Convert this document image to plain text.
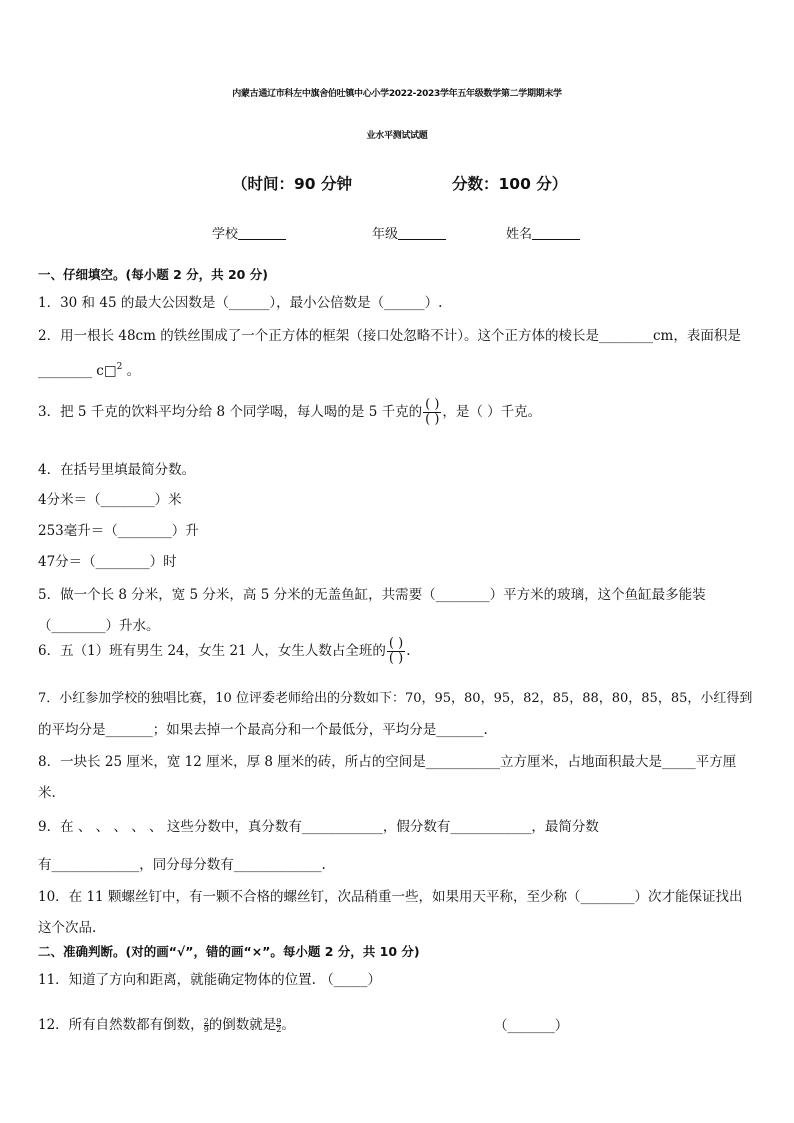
内蒙古通辽市科左中旗舍伯吐镇中心小学2022-2023学年五年级数学第二学期期末学
业水平测试试题
（时间：90 分钟	分数：100 分）
学校	年级	姓名
一、仔细填空。(每小题 2 分，共 20 分)
1．30 和 45 的最大公因数是（______），最小公倍数是（______）.
2．用一根长 48cm 的铁丝围成了一个正方体的框架（接口处忽略不计）。这个正方体的棱长是________cm，表面积是
________ c□$^2$ 。
3．把 5 千克的饮料平均分给 8 个同学喝，每人喝的是 5 千克的 $\frac{( )}{( )}$ ，是（ ）千克。
4．在括号里填最简分数。
4分米＝（________）米
253毫升＝（________）升
47分＝（________）时
5．做一个长 8 分米，宽 5 分米，高 5 分米的无盖鱼缸，共需要（________）平方米的玻璃，这个鱼缸最多能装
（________）升水。
6．五（1）班有男生 24，女生 21 人，女生人数占全班的 $\frac{( )}{( )}$ .
7．小红参加学校的独唱比赛，10 位评委老师给出的分数如下：70，95，80，95，82，85，88，80，85，85，小红得到
的平均分是_______；如果去掉一个最高分和一个最低分，平均分是_______.
8．一块长 25 厘米，宽 12 厘米，厚 8 厘米的砖，所占的空间是___________立方厘米，占地面积最大是_____平方厘
米.
9．在 、 、 、 、 、 这些分数中，真分数有____________，假分数有____________，最简分数
有_____________，同分母分数有_____________.
10．在 11 颗螺丝钉中，有一颗不合格的螺丝钉，次品稍重一些，如果用天平称，至少称（________）次才能保证找出
这个次品.
二、准确判断。(对的画“√”，错的画“×”。每小题 2 分，共 10 分)
11．知道了方向和距离，就能确定物体的位置. （_____）
12．所有自然数都有倒数， $\frac{2}{9}$的倒数就是 $\frac{9}{2}$。	（_______）
